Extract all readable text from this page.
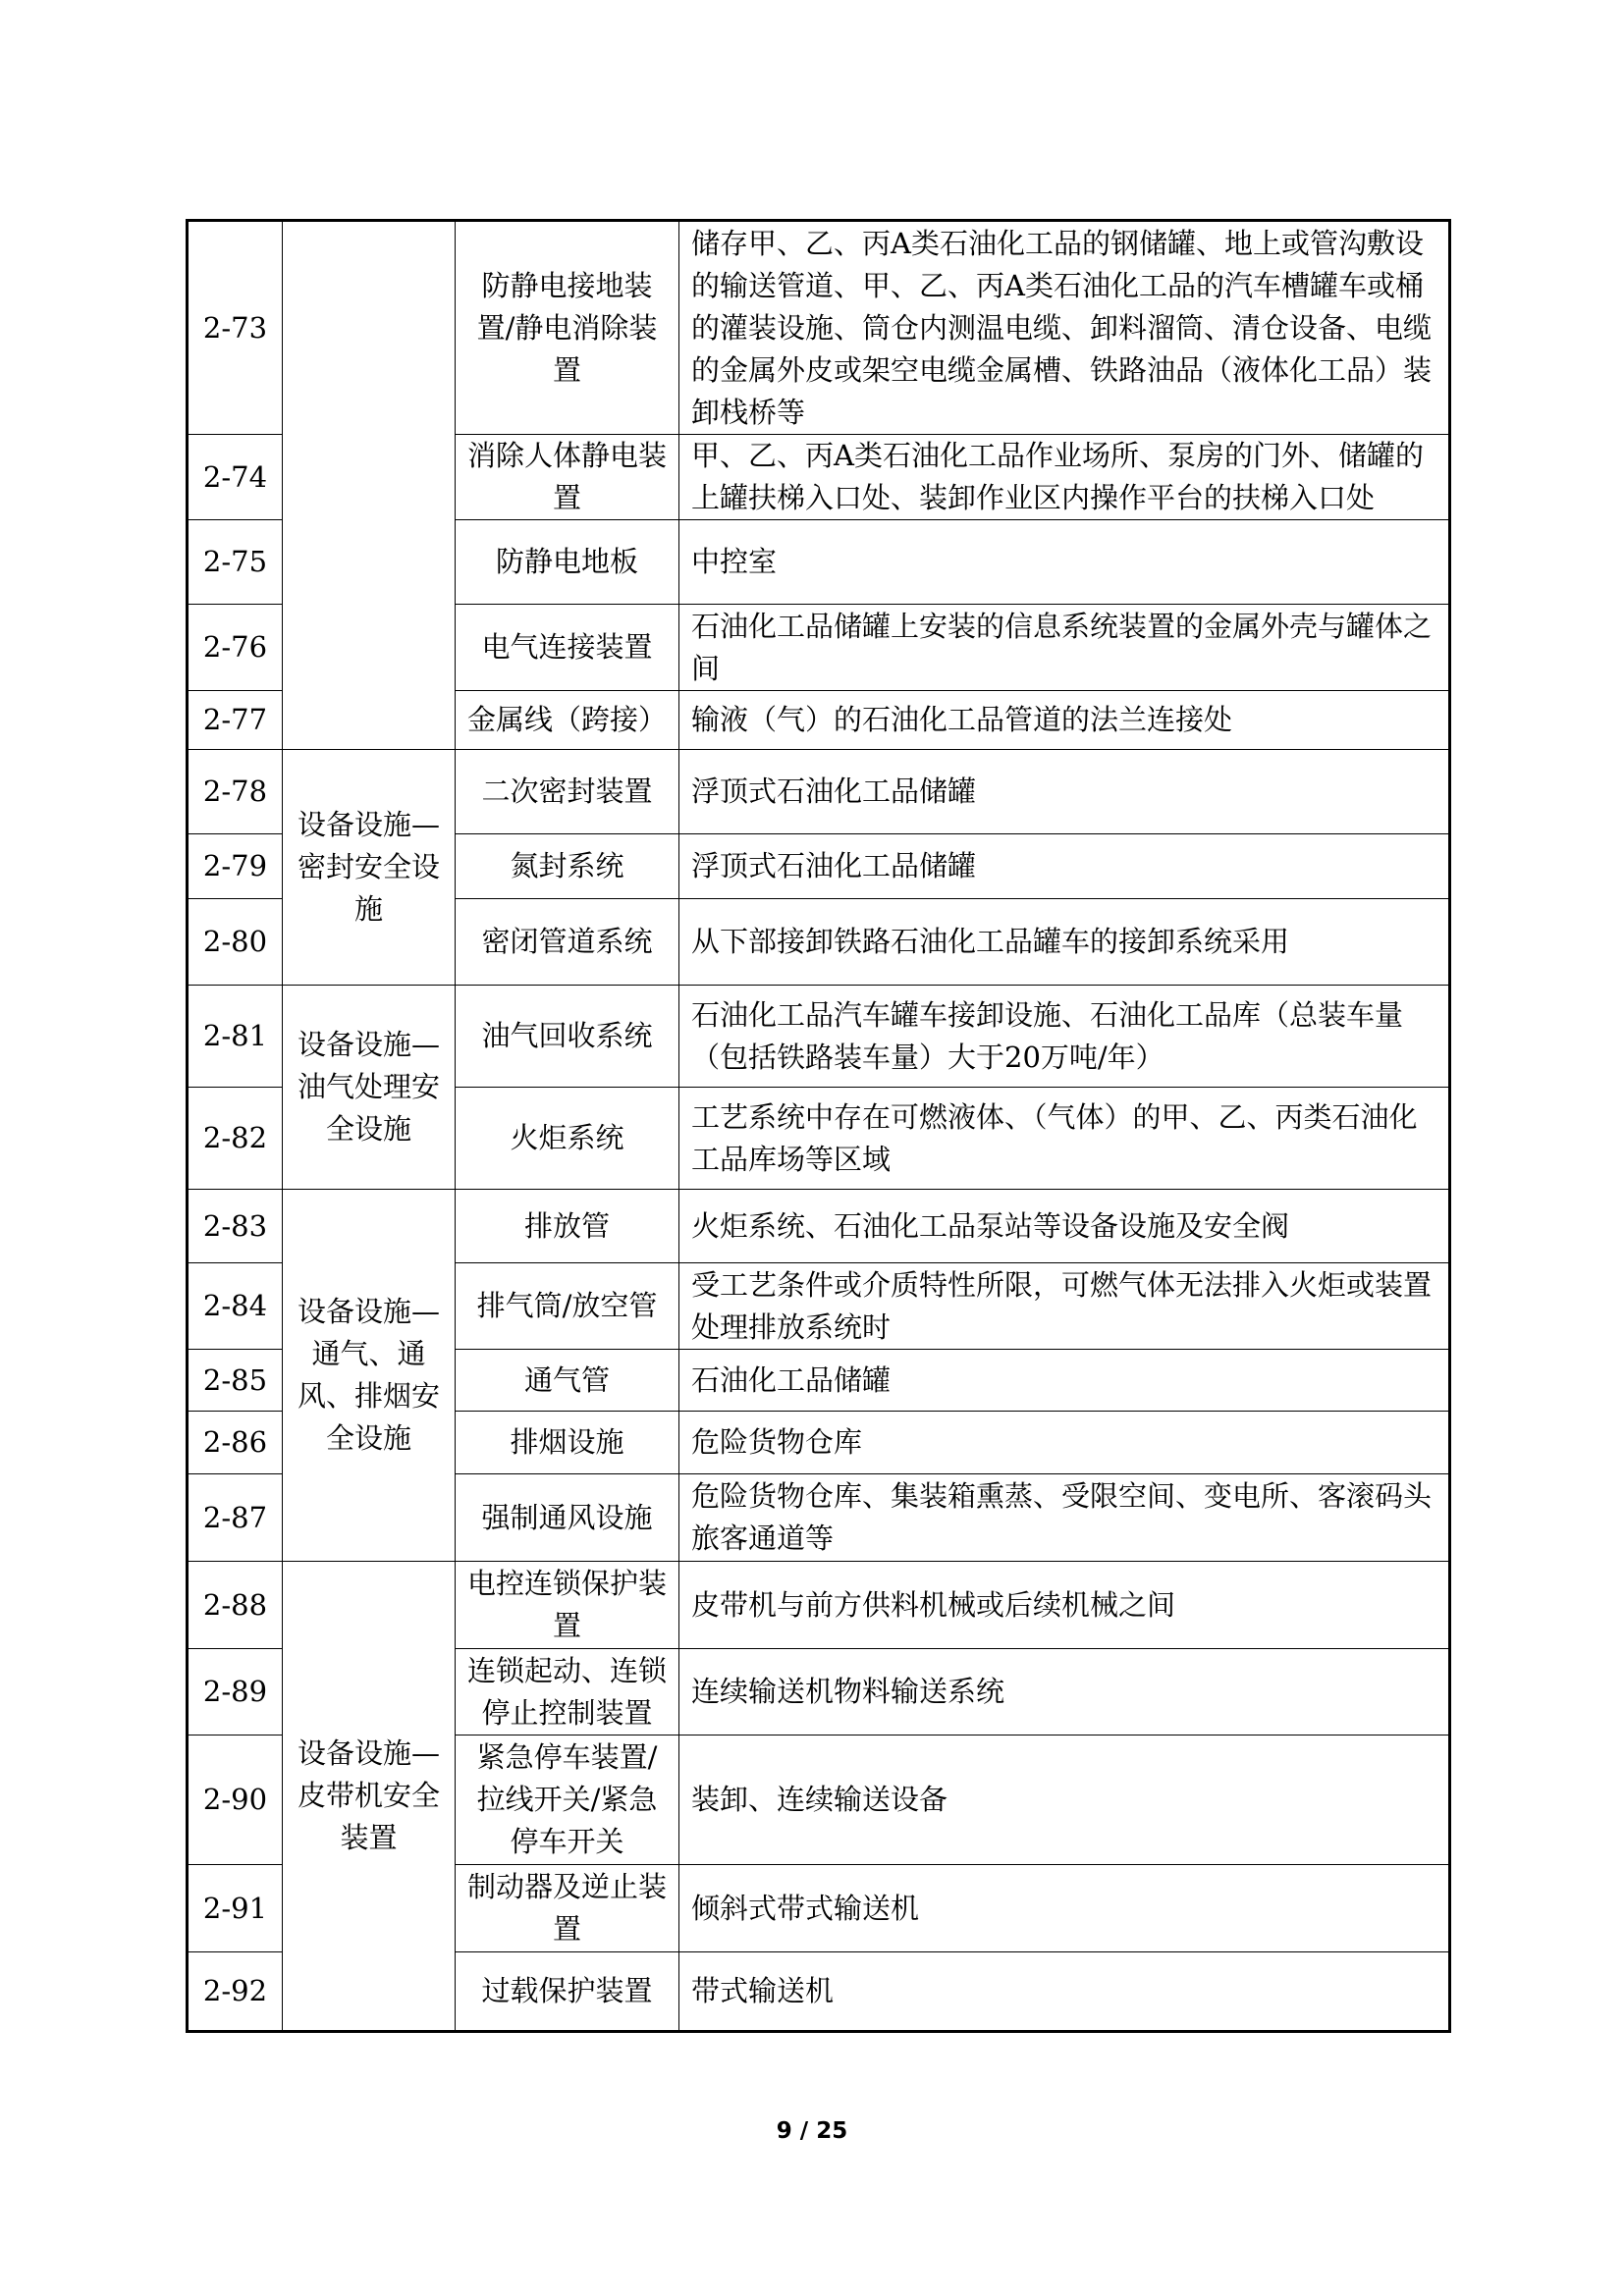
2-73		防静电接地装置/静电消除装置	储存甲、乙、丙A类石油化工品的钢储罐、地上或管沟敷设的输送管道、甲、乙、丙A类石油化工品的汽车槽罐车或桶的灌装设施、筒仓内测温电缆、卸料溜筒、清仓设备、电缆的金属外皮或架空电缆金属槽、铁路油品（液体化工品）装卸栈桥等
2-74		消除人体静电装置	甲、乙、丙A类石油化工品作业场所、泵房的门外、储罐的上罐扶梯入口处、装卸作业区内操作平台的扶梯入口处
2-75		防静电地板	中控室
2-76		电气连接装置	石油化工品储罐上安装的信息系统装置的金属外壳与罐体之间
2-77		金属线（跨接）	输液（气）的石油化工品管道的法兰连接处
2-78	设备设施—密封安全设施	二次密封装置	浮顶式石油化工品储罐
2-79		氮封系统	浮顶式石油化工品储罐
2-80		密闭管道系统	从下部接卸铁路石油化工品罐车的接卸系统采用
2-81	设备设施—油气处理安全设施	油气回收系统	石油化工品汽车罐车接卸设施、石油化工品库（总装车量（包括铁路装车量）大于20万吨/年）
2-82		火炬系统	工艺系统中存在可燃液体、（气体）的甲、乙、丙类石油化工品库场等区域
2-83	设备设施—通气、通风、排烟安全设施	排放管	火炬系统、石油化工品泵站等设备设施及安全阀
2-84		排气筒/放空管	受工艺条件或介质特性所限，可燃气体无法排入火炬或装置处理排放系统时
2-85		通气管	石油化工品储罐
2-86		排烟设施	危险货物仓库
2-87		强制通风设施	危险货物仓库、集装箱熏蒸、受限空间、变电所、客滚码头旅客通道等
2-88	设备设施—皮带机安全装置	电控连锁保护装置	皮带机与前方供料机械或后续机械之间
2-89		连锁起动、连锁停止控制装置	连续输送机物料输送系统
2-90		紧急停车装置/拉线开关/紧急停车开关	装卸、连续输送设备
2-91		制动器及逆止装置	倾斜式带式输送机
2-92		过载保护装置	带式输送机
9 / 25
